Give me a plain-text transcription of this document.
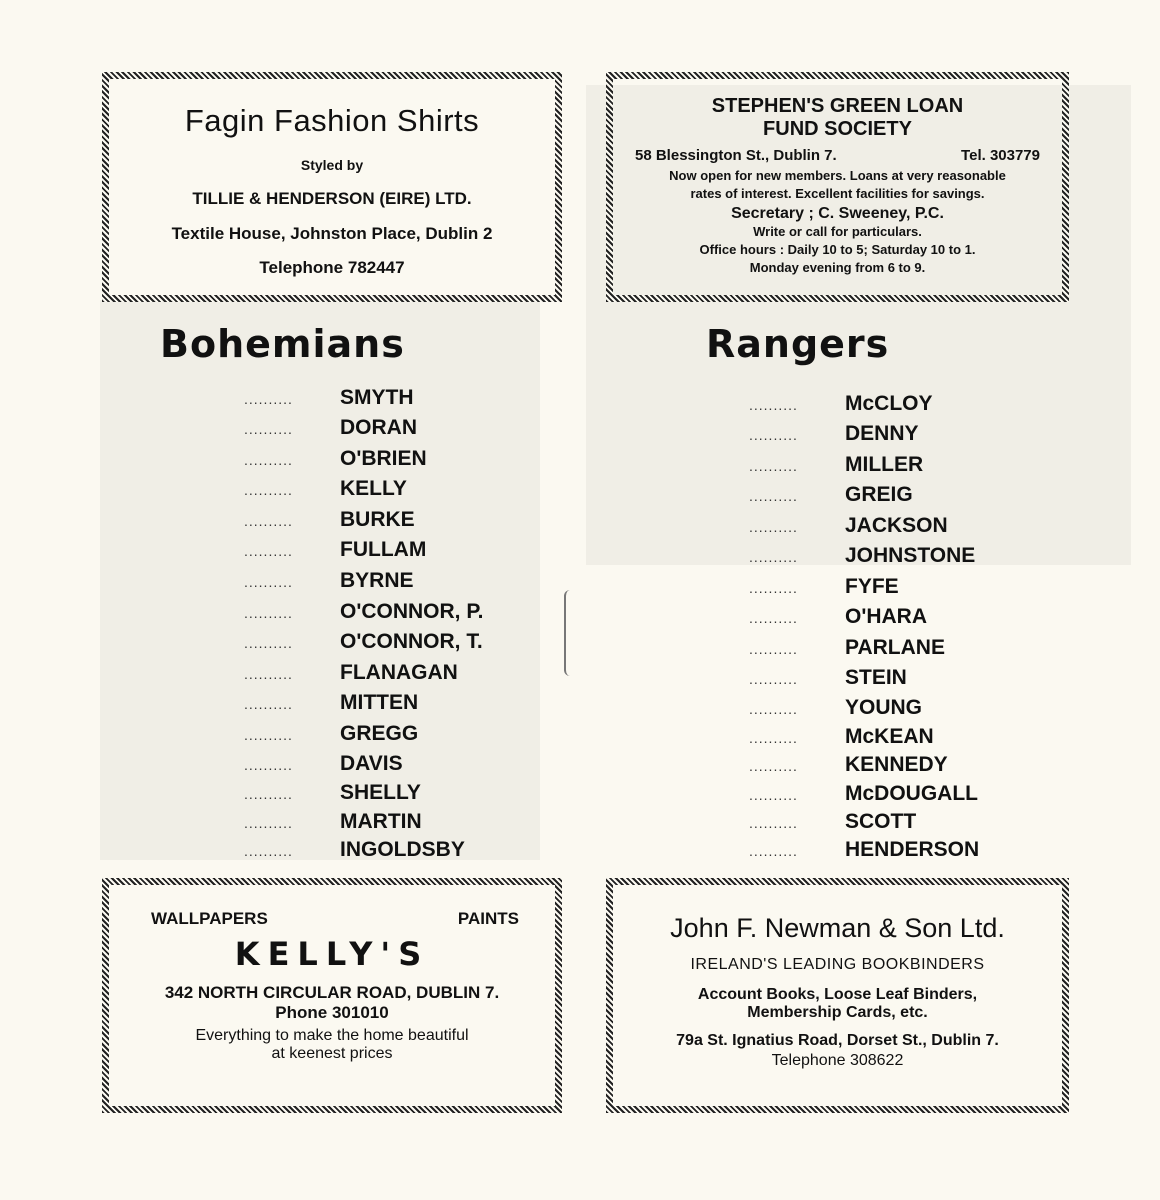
Fagin Fashion Shirts
Styled by
TILLIE & HENDERSON (EIRE) LTD.
Textile House, Johnston Place, Dublin 2
Telephone 782447
STEPHEN'S GREEN LOAN
FUND SOCIETY
58 Blessington St., Dublin 7.	Tel. 303779
Now open for new members. Loans at very reasonable
rates of interest. Excellent facilities for savings.
Secretary ; C. Sweeney, P.C.
Write or call for particulars.
Office hours : Daily 10 to 5; Saturday 10 to 1.
Monday evening from 6 to 9.
Bohemians	Rangers
.......... SMYTH
.......... DORAN
.......... O'BRIEN
.......... KELLY
.......... BURKE
.......... FULLAM
.......... BYRNE
.......... O'CONNOR, P.
.......... O'CONNOR, T.
.......... FLANAGAN
.......... MITTEN
.......... GREGG
.......... DAVIS
.......... SHELLY
.......... MARTIN
.......... INGOLDSBY
.......... McCLOY
.......... DENNY
.......... MILLER
.......... GREIG
.......... JACKSON
.......... JOHNSTONE
.......... FYFE
.......... O'HARA
.......... PARLANE
.......... STEIN
.......... YOUNG
.......... McKEAN
.......... KENNEDY
.......... McDOUGALL
.......... SCOTT
.......... HENDERSON
WALLPAPERS	PAINTS
KELLY'S
342 NORTH CIRCULAR ROAD, DUBLIN 7.
Phone 301010
Everything to make the home beautiful
at keenest prices
John F. Newman & Son Ltd.
IRELAND'S LEADING BOOKBINDERS
Account Books, Loose Leaf Binders,
Membership Cards, etc.
79a St. Ignatius Road, Dorset St., Dublin 7.
Telephone 308622
